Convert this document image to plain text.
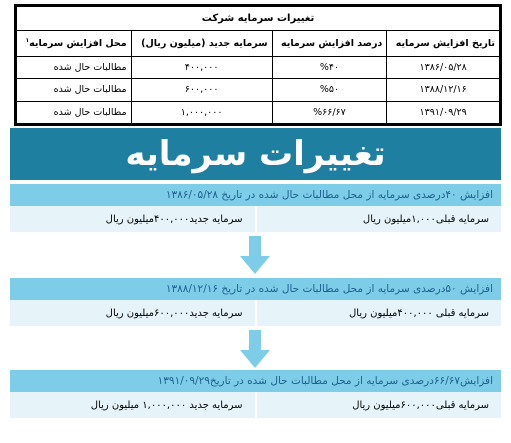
تغییرات سرمایه شرکت			
تاریخ افزایش سرمایه	درصد افزایش سرمایه	سرمایه جدید (میلیون ریال)	محل افزایش سرمایه$^۱$
۱۳۸۶/۰۵/۲۸	%۴۰	۴۰۰,۰۰۰	مطالبات حال شده
۱۳۸۸/۱۲/۱۶	%۵۰	۶۰۰,۰۰۰	مطالبات حال شده
۱۳۹۱/۰۹/۲۹	%۶۶/۶۷	۱,۰۰۰,۰۰۰	مطالبات حال شده
تغییرات سرمایه
افزایش ۴۰درصدی سرمایه از محل مطالبات حال شده در تاریخ ۱۳۸۶/۰۵/۲۸
سرمایه قبلی۱,۰۰۰میلیون ریال
سرمایه جدید۴۰۰,۰۰۰میلیون ریال
افزایش ۵۰درصدی سرمایه از محل مطالبات حال شده در تاریخ ۱۳۸۸/۱۲/۱۶
سرمایه قبلی ۴۰۰,۰۰۰میلیون ریال
سرمایه جدید۶۰۰,۰۰۰میلیون ریال
افزایش۶۶/۶۷درصدی سرمایه از محل مطالبات حال شده در تاریخ۱۳۹۱/۰۹/۲۹
سرمایه قبلی۶۰۰,۰۰۰میلیون ریال
سرمایه جدید ۱,۰۰۰,۰۰۰ میلیون ریال
